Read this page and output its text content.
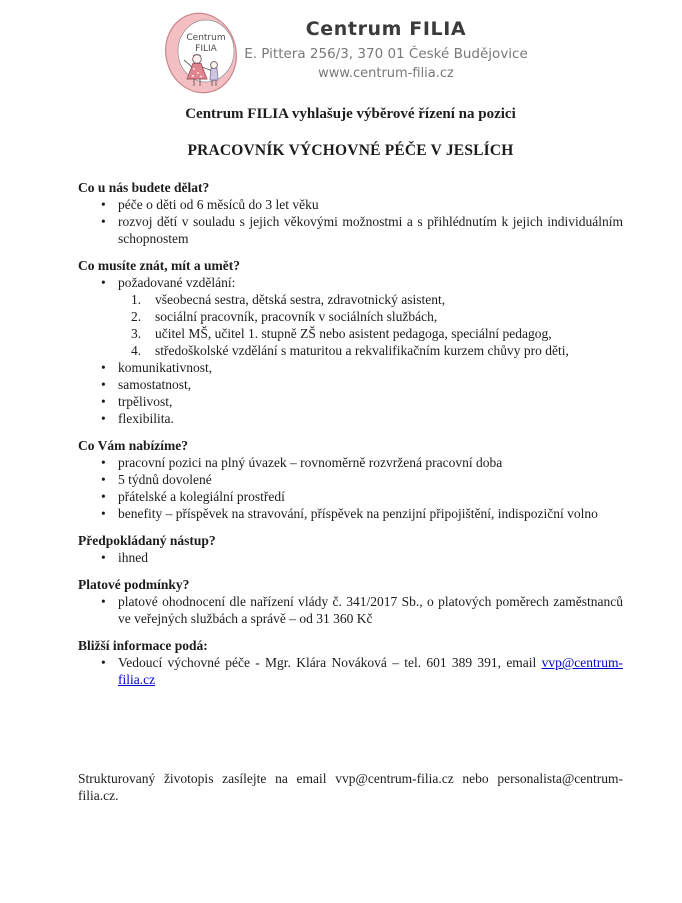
Centrum
FILIA
Centrum FILIA
E. Pittera 256/3, 370 01 České Budějovice
www.centrum-filia.cz
Centrum FILIA vyhlašuje výběrové řízení na pozici
PRACOVNÍK VÝCHOVNÉ PÉČE V JESLÍCH
Co u nás budete dělat?
• péče o děti od 6 měsíců do 3 let věku
• rozvoj dětí v souladu s jejich věkovými možnostmi a s přihlédnutím k jejich individuálním schopnostem
Co musíte znát, mít a umět?
• požadované vzdělání:
všeobecná sestra, dětská sestra, zdravotnický asistent,
sociální pracovník, pracovník v sociálních službách,
učitel MŠ, učitel 1. stupně ZŠ nebo asistent pedagoga, speciální pedagog,
středoškolské vzdělání s maturitou a rekvalifikačním kurzem chůvy pro děti,
• komunikativnost,
• samostatnost,
• trpělivost,
• flexibilita.
Co Vám nabízíme?
• pracovní pozici na plný úvazek – rovnoměrně rozvržená pracovní doba
• 5 týdnů dovolené
• přátelské a kolegiální prostředí
• benefity – příspěvek na stravování, příspěvek na penzijní připojištění, indispoziční volno
Předpokládaný nástup?
• ihned
Platové podmínky?
• platové ohodnocení dle nařízení vlády č. 341/2017 Sb., o platových poměrech zaměstnanců ve veřejných službách a správě – od 31 360 Kč
Bližší informace podá:
• Vedoucí výchovné péče - Mgr. Klára Nováková – tel. 601 389 391, email vvp@centrum-filia.cz

Strukturovaný životopis zasílejte na email vvp@centrum-filia.cz nebo personalista@centrum-filia.cz.
